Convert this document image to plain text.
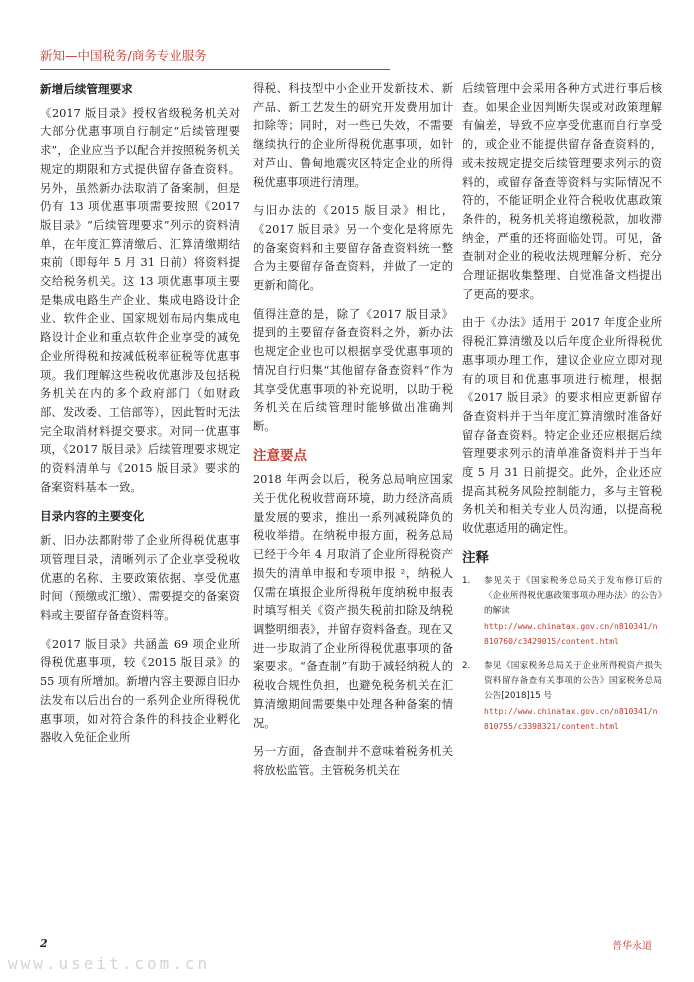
新知—中国税务/商务专业服务
新增后续管理要求

《2017 版目录》授权省级税务机关对大部分优惠事项自行制定“后续管理要求”，企业应当予以配合并按照税务机关规定的期限和方式提供留存备查资料。另外，虽然新办法取消了备案制，但是仍有 13 项优惠事项需要按照《2017 版目录》“后续管理要求”列示的资料清单，在年度汇算清缴后、汇算清缴期结束前（即每年 5 月 31 日前）将资料提交给税务机关。这 13 项优惠事项主要是集成电路生产企业、集成电路设计企业、软件企业、国家规划布局内集成电路设计企业和重点软件企业享受的减免企业所得税和按减低税率征税等优惠事项。我们理解这些税收优惠涉及包括税务机关在内的多个政府部门（如财政部、发改委、工信部等），因此暂时无法完全取消材料提交要求。对同一优惠事项，《2017 版目录》后续管理要求规定的资料清单与《2015 版目录》要求的备案资料基本一致。

目录内容的主要变化

新、旧办法都附带了企业所得税优惠事项管理目录，清晰列示了企业享受税收优惠的名称、主要政策依据、享受优惠时间（预缴或汇缴）、需要提交的备案资料或主要留存备查资料等。

《2017 版目录》共涵盖 69 项企业所得税优惠事项，较《2015 版目录》的 55 项有所增加。新增内容主要源自旧办法发布以后出台的一系列企业所得税优惠事项，如对符合条件的科技企业孵化器收入免征企业所

得税、科技型中小企业开发新技术、新产品、新工艺发生的研究开发费用加计扣除等；同时，对一些已失效，不需要继续执行的企业所得税优惠事项，如针对芦山、鲁甸地震灾区特定企业的所得税优惠事项进行清理。

与旧办法的《2015 版目录》相比，《2017 版目录》另一个变化是将原先的备案资料和主要留存备查资料统一整合为主要留存备查资料，并做了一定的更新和简化。

值得注意的是，除了《2017 版目录》提到的主要留存备查资料之外，新办法也规定企业也可以根据享受优惠事项的情况自行归集“其他留存备查资料”作为其享受优惠事项的补充说明，以助于税务机关在后续管理时能够做出准确判断。

注意要点

2018 年两会以后，税务总局响应国家关于优化税收营商环境，助力经济高质量发展的要求，推出一系列减税降负的税收举措。在纳税申报方面，税务总局已经于今年 4 月取消了企业所得税资产损失的清单申报和专项申报 ²，纳税人仅需在填报企业所得税年度纳税申报表时填写相关《资产损失税前扣除及纳税调整明细表》，并留存资料备查。现在又进一步取消了企业所得税优惠事项的备案要求。“备查制”有助于减轻纳税人的税收合规性负担，也避免税务机关在汇算清缴期间需要集中处理各种备案的情况。

另一方面，备查制并不意味着税务机关将放松监管。主管税务机关在

后续管理中会采用各种方式进行事后核查。如果企业因判断失误或对政策理解有偏差，导致不应享受优惠而自行享受的，或企业不能提供留存备查资料的，或未按规定提交后续管理要求列示的资料的，或留存备查等资料与实际情况不符的，不能证明企业符合税收优惠政策条件的，税务机关将追缴税款，加收滞纳金，严重的还将面临处罚。可见，备查制对企业的税收法规理解分析、充分合理证据收集整理、自觉准备文档提出了更高的要求。

由于《办法》适用于 2017 年度企业所得税汇算清缴及以后年度企业所得税优惠事项办理工作，建议企业应立即对现有的项目和优惠事项进行梳理，根据《2017 版目录》的要求相应更新留存备查资料并于当年度汇算清缴时准备好留存备查资料。特定企业还应根据后续管理要求列示的清单准备资料并于当年度 5 月 31 日前提交。此外，企业还应提高其税务风险控制能力，多与主管税务机关和相关专业人员沟通，以提高税收优惠适用的确定性。

注释
1. 参见关于《国家税务总局关于发布修订后的〈企业所得税优惠政策事项办理办法〉的公告》的解读
http://www.chinatax.gov.cn/n810341/n810760/c3429015/content.html
2. 参见《国家税务总局关于企业所得税资产损失资料留存备查有关事项的公告》国家税务总局公告[2018]15 号
http://www.chinatax.gov.cn/n810341/n810755/c3398321/content.html
2	普华永道
www.useit.com.cn
